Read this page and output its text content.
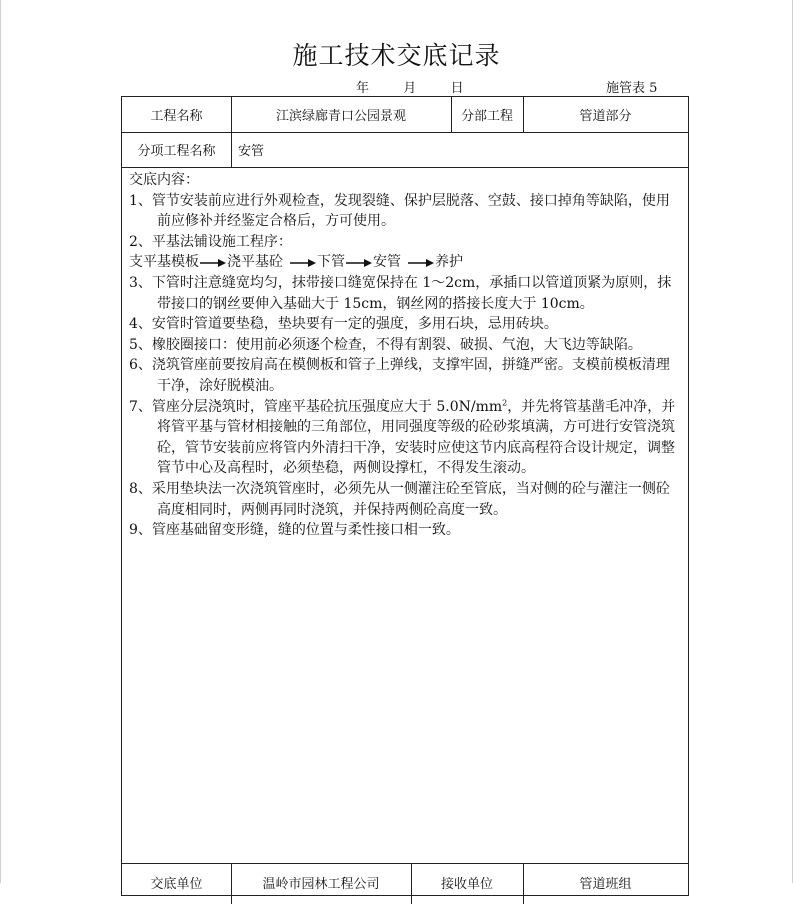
施工技术交底记录
年	月	日	施管表 5
工程名称	江滨绿廊青口公园景观	分部工程	管道部分
分项工程名称	安管

交底内容：

1、管节安装前应进行外观检查，发现裂缝、保护层脱落、空鼓、接口掉角等缺陷，使用前应修补并经鉴定合格后，方可使用。

2、平基法铺设施工程序：

支平基模板 浇平基砼 下管 安管 养护

3、下管时注意缝宽均匀，抹带接口缝宽保持在 1～2cm，承插口以管道顶紧为原则，抹带接口的钢丝要伸入基础大于 15cm，钢丝网的搭接长度大于 10cm。

4、安管时管道要垫稳，垫块要有一定的强度，多用石块，忌用砖块。

5、橡胶圈接口：使用前必须逐个检查，不得有割裂、破损、气泡，大飞边等缺陷。

6、浇筑管座前要按肩高在模侧板和管子上弹线，支撑牢固，拼缝严密。支模前模板清理干净，涂好脱模油。

7、管座分层浇筑时，管座平基砼抗压强度应大于 $5.0N/mm^2$，并先将管基凿毛冲净，并将管平基与管材相接触的三角部位，用同强度等级的砼砂浆填满，方可进行安管浇筑砼，管节安装前应将管内外清扫干净，安装时应使这节内底高程符合设计规定，调整管节中心及高程时，必须垫稳，两侧设撑杠，不得发生滚动。

8、采用垫块法一次浇筑管座时，必须先从一侧灌注砼至管底，当对侧的砼与灌注一侧砼高度相同时，两侧再同时浇筑，并保持两侧砼高度一致。

9、管座基础留变形缝，缝的位置与柔性接口相一致。

交底单位	温岭市园林工程公司	接收单位	管道班组
